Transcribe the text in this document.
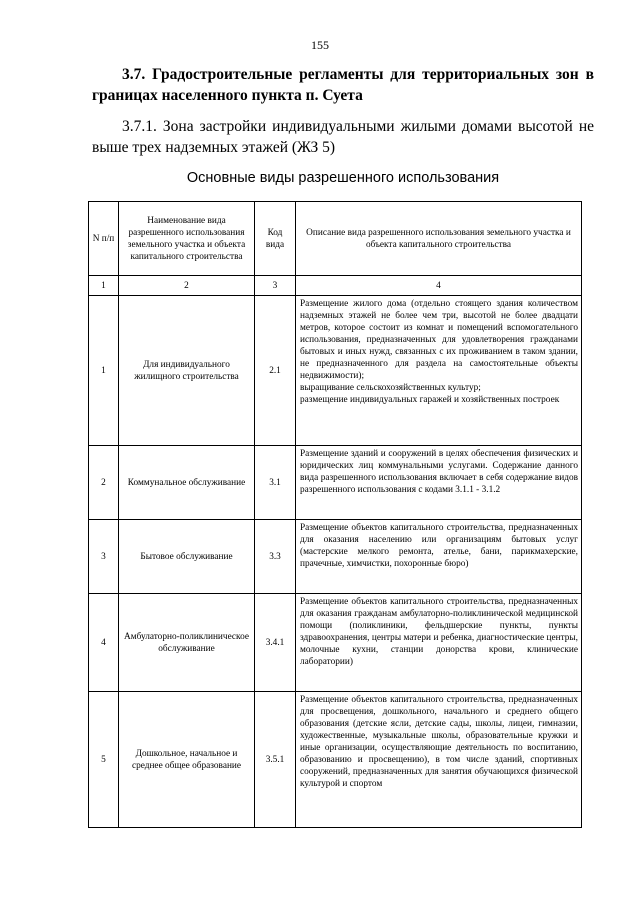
155
3.7. Градостроительные регламенты для территориальных зон в границах населенного пункта п. Суета
3.7.1. Зона застройки индивидуальными жилыми домами высотой не выше трех надземных этажей (ЖЗ 5)
Основные виды разрешенного использования
N п/п	Наименование вида разрешенного использования земельного участка и объекта капитального строительства	Код вида	Описание вида разрешенного использования земельного участка и объекта капитального строительства
1	2	3	4
1	Для индивидуального жилищного строительства	2.1	Размещение жилого дома (отдельно стоящего здания количеством надземных этажей не более чем три, высотой не более двадцати метров, которое состоит из комнат и помещений вспомогательного использования, предназначенных для удовлетворения гражданами бытовых и иных нужд, связанных с их проживанием в таком здании, не предназначенного для раздела на самостоятельные объекты недвижимости);
выращивание сельскохозяйственных культур;
размещение индивидуальных гаражей и хозяйственных построек

2	Коммунальное обслуживание	3.1	Размещение зданий и сооружений в целях обеспечения физических и юридических лиц коммунальными услугами. Содержание данного вида разрешенного использования включает в себя содержание видов разрешенного использования с кодами 3.1.1 - 3.1.2

3	Бытовое обслуживание	3.3	Размещение объектов капитального строительства, предназначенных для оказания населению или организациям бытовых услуг (мастерские мелкого ремонта, ателье, бани, парикмахерские, прачечные, химчистки, похоронные бюро)

4	Амбулаторно-поликлиническое обслуживание	3.4.1	Размещение объектов капитального строительства, предназначенных для оказания гражданам амбулаторно-поликлинической медицинской помощи (поликлиники, фельдшерские пункты, пункты здравоохранения, центры матери и ребенка, диагностические центры, молочные кухни, станции донорства крови, клинические лаборатории)

5	Дошкольное, начальное и среднее общее образование	3.5.1	Размещение объектов капитального строительства, предназначенных для просвещения, дошкольного, начального и среднего общего образования (детские ясли, детские сады, школы, лицеи, гимназии, художественные, музыкальные школы, образовательные кружки и иные организации, осуществляющие деятельность по воспитанию, образованию и просвещению), в том числе зданий, спортивных сооружений, предназначенных для занятия обучающихся физической культурой и спортом
